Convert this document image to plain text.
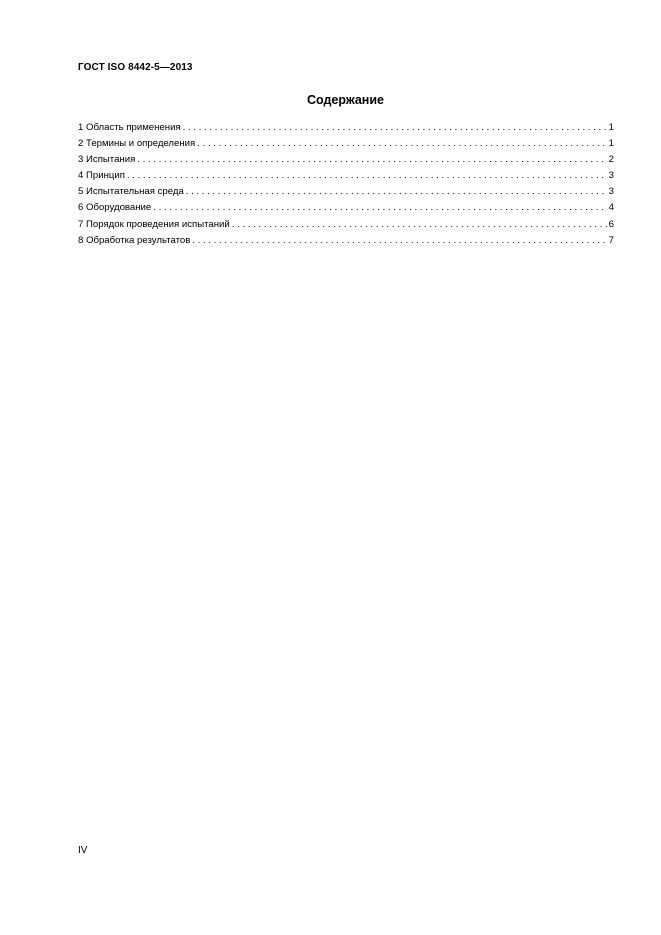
ГОСТ ISO 8442-5—2013
Содержание
1 Область применения . . .	1
2 Термины и определения . . .	1
3 Испытания . . .	2
4 Принцип . . .	3
5 Испытательная среда . . .	3
6 Оборудование . . .	4
7 Порядок проведения испытаний . . .	6
8 Обработка результатов . . .	7
IV
